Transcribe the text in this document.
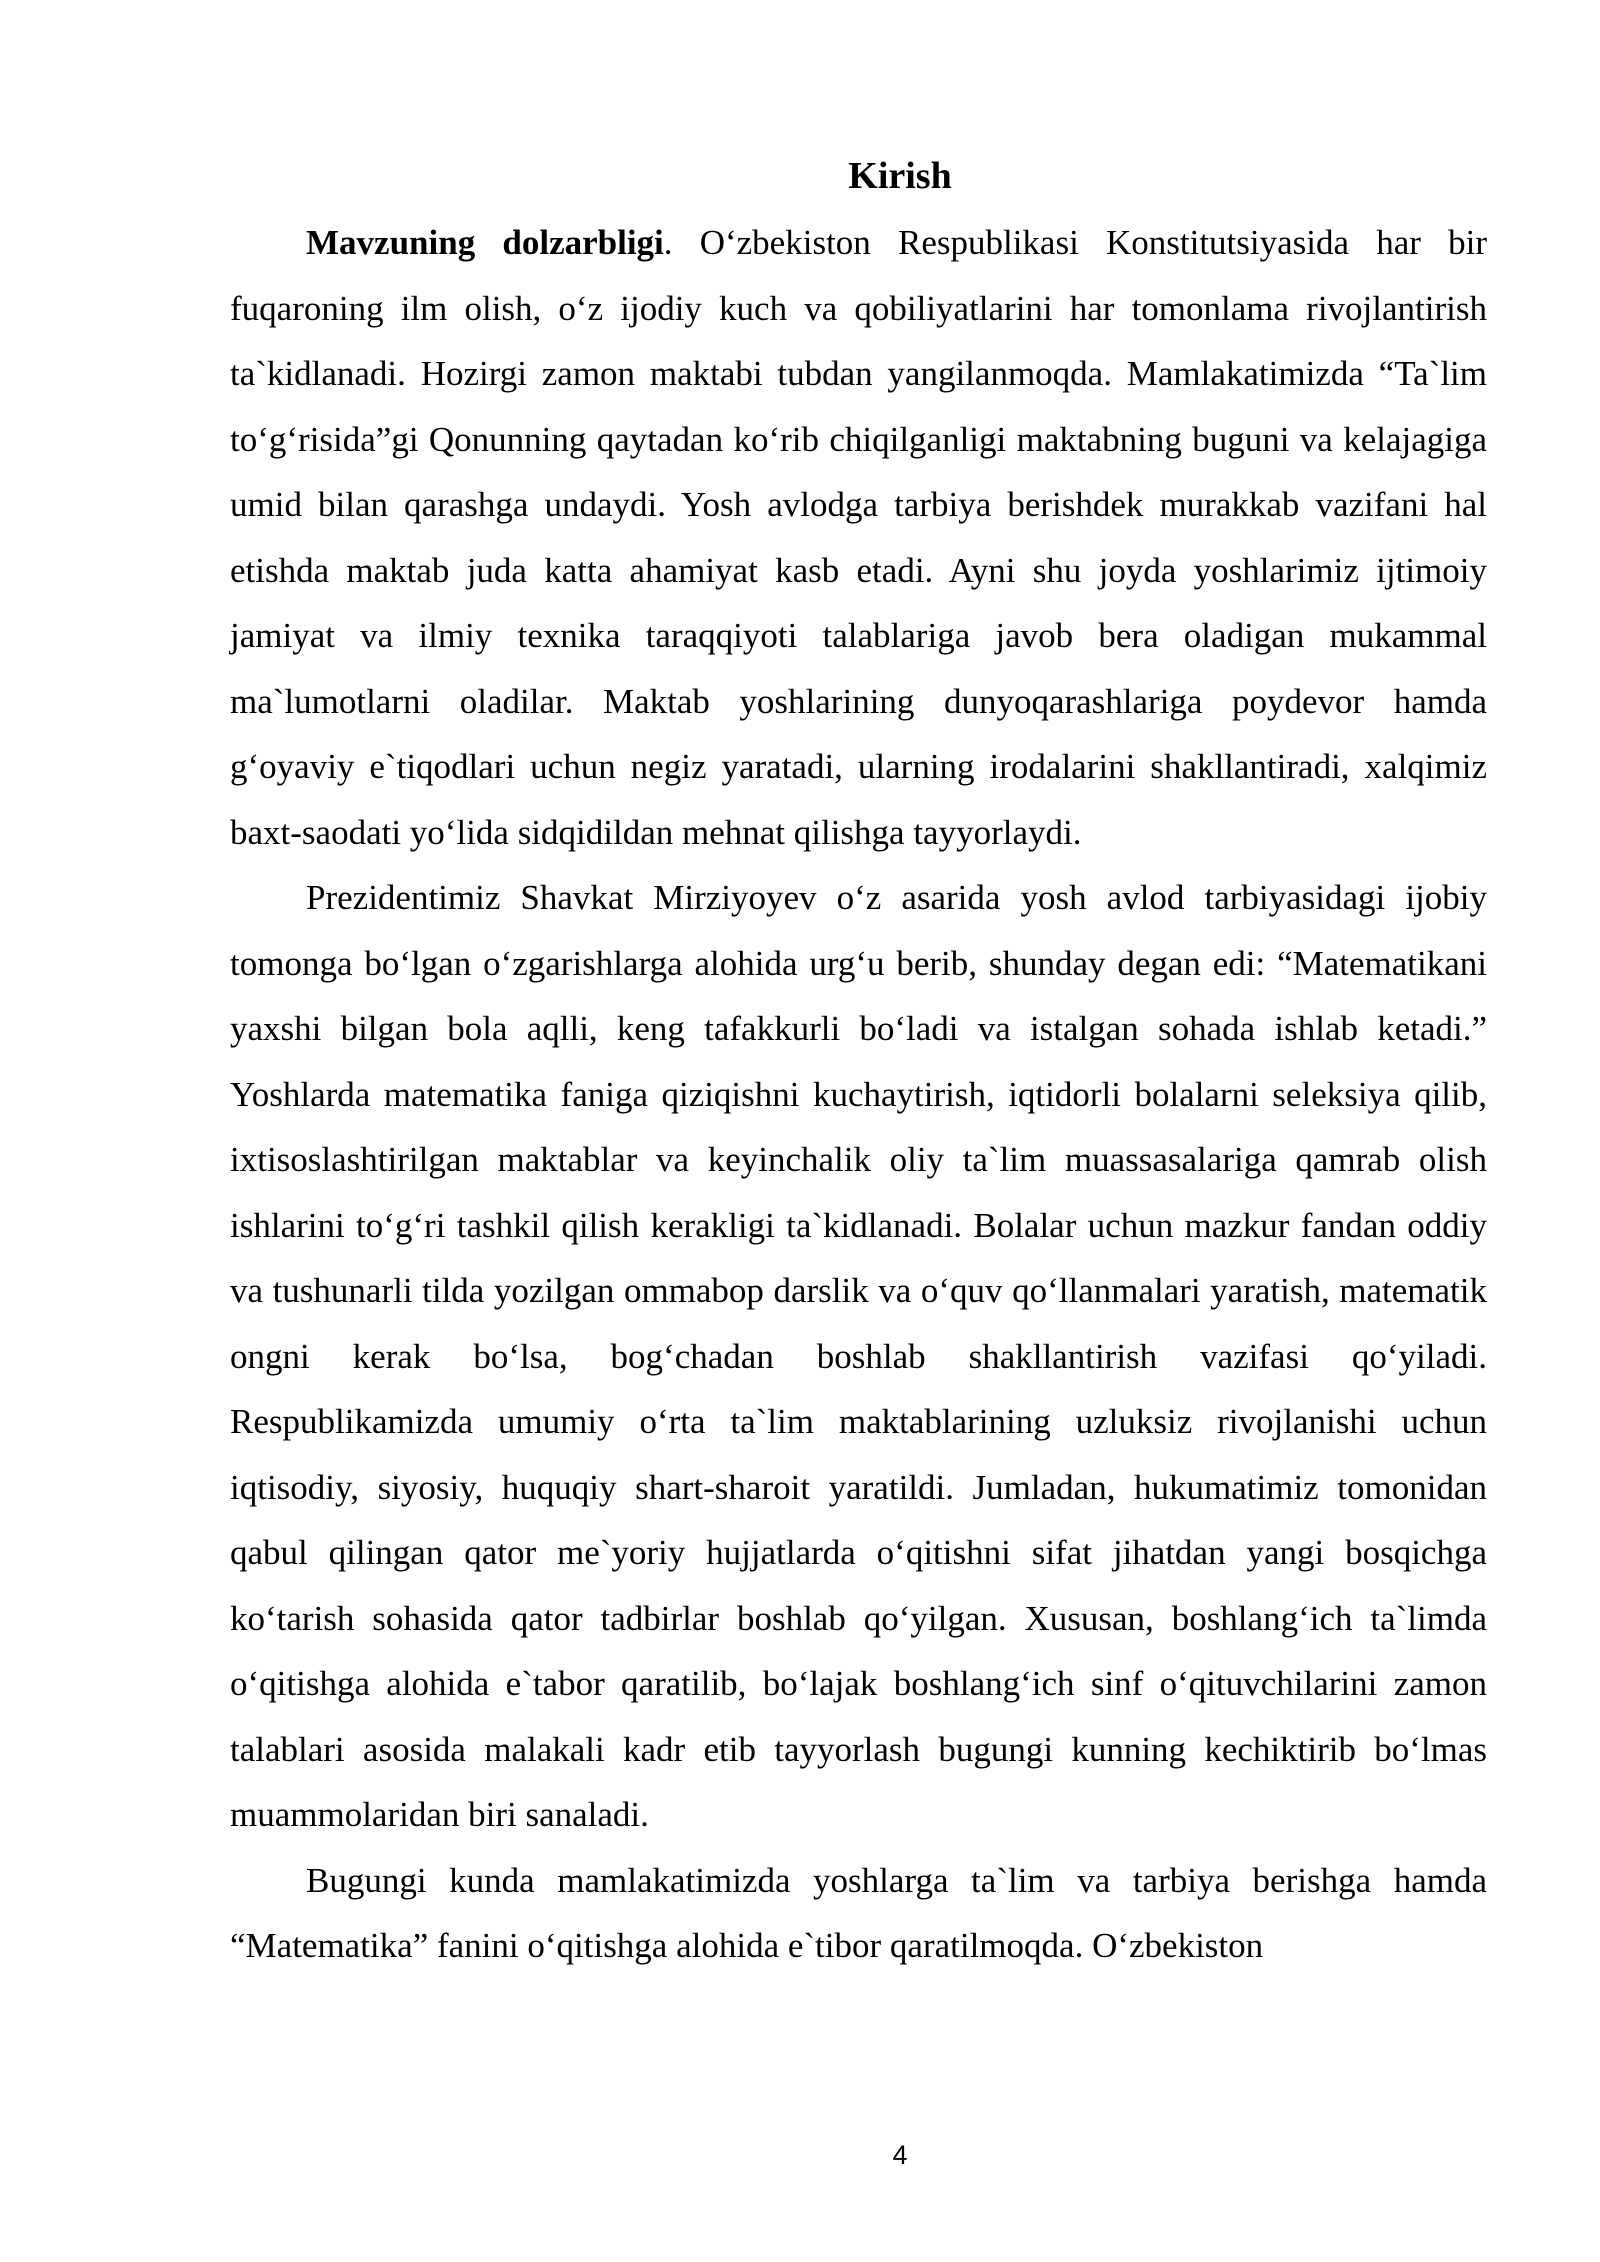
Kirish

Mavzuning dolzarbligi. O‘zbekiston Respublikasi Konstitutsiyasida har bir fuqaroning ilm olish, o‘z ijodiy kuch va qobiliyatlarini har tomonlama rivojlantirish ta`kidlanadi. Hozirgi zamon maktabi tubdan yangilanmoqda. Mamlakatimizda “Ta`lim to‘g‘risida”gi Qonunning qaytadan ko‘rib chiqilganligi maktabning buguni va kelajagiga umid bilan qarashga undaydi. Yosh avlodga tarbiya berishdek murakkab vazifani hal etishda maktab juda katta ahamiyat kasb etadi. Ayni shu joyda yoshlarimiz ijtimoiy jamiyat va ilmiy texnika taraqqiyoti talablariga javob bera oladigan mukammal ma`lumotlarni oladilar. Maktab yoshlarining dunyoqarashlariga poydevor hamda g‘oyaviy e`tiqodlari uchun negiz yaratadi, ularning irodalarini shakllantiradi, xalqimiz baxt-saodati yo‘lida sidqidildan mehnat qilishga tayyorlaydi.

Prezidentimiz Shavkat Mirziyoyev o‘z asarida yosh avlod tarbiyasidagi ijobiy tomonga bo‘lgan o‘zgarishlarga alohida urg‘u berib, shunday degan edi: “Matematikani yaxshi bilgan bola aqlli, keng tafakkurli bo‘ladi va istalgan sohada ishlab ketadi.” Yoshlarda matematika faniga qiziqishni kuchaytirish, iqtidorli bolalarni seleksiya qilib, ixtisoslashtirilgan maktablar va keyinchalik oliy ta`lim muassasalariga qamrab olish ishlarini to‘g‘ri tashkil qilish kerakligi ta`kidlanadi. Bolalar uchun mazkur fandan oddiy va tushunarli tilda yozilgan ommabop darslik va o‘quv qo‘llanmalari yaratish, matematik ongni kerak bo‘lsa, bog‘chadan boshlab shakllantirish vazifasi qo‘yiladi. Respublikamizda umumiy o‘rta ta`lim maktablarining uzluksiz rivojlanishi uchun iqtisodiy, siyosiy, huquqiy shart-sharoit yaratildi. Jumladan, hukumatimiz tomonidan qabul qilingan qator me`yoriy hujjatlarda o‘qitishni sifat jihatdan yangi bosqichga ko‘tarish sohasida qator tadbirlar boshlab qo‘yilgan. Xususan, boshlang‘ich ta`limda o‘qitishga alohida e`tabor qaratilib, bo‘lajak boshlang‘ich sinf o‘qituvchilarini zamon talablari asosida malakali kadr etib tayyorlash bugungi kunning kechiktirib bo‘lmas muammolaridan biri sanaladi.

Bugungi kunda mamlakatimizda yoshlarga ta`lim va tarbiya berishga hamda “Matematika” fanini o‘qitishga alohida e`tibor qaratilmoqda. O‘zbekiston

4
